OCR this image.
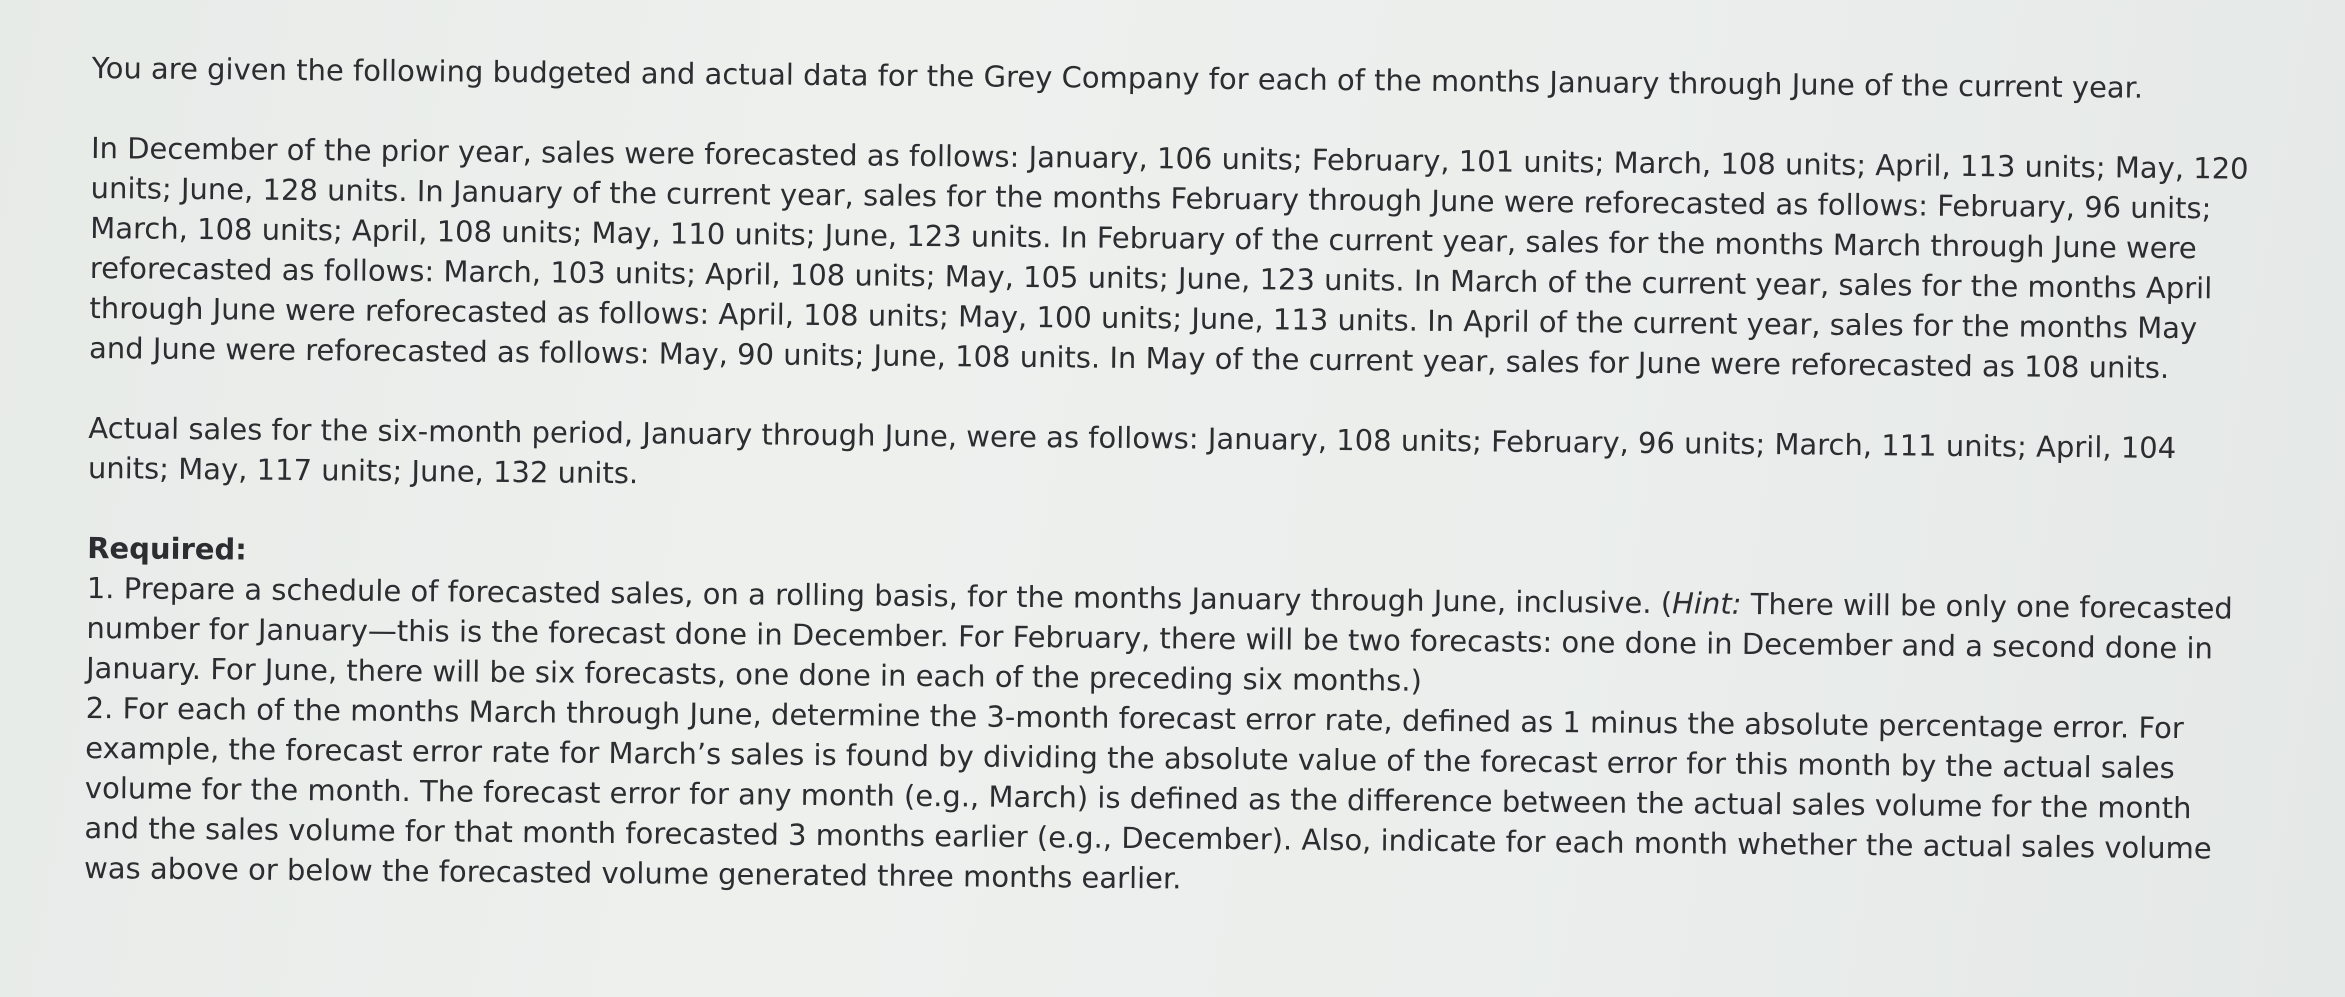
You are given the following budgeted and actual data for the Grey Company for each of the months January through June of the current year.

In December of the prior year, sales were forecasted as follows: January, 106 units; February, 101 units; March, 108 units; April, 113 units; May, 120 units; June, 128 units. In January of the current year, sales for the months February through June were reforecasted as follows: February, 96 units; March, 108 units; April, 108 units; May, 110 units; June, 123 units. In February of the current year, sales for the months March through June were reforecasted as follows: March, 103 units; April, 108 units; May, 105 units; June, 123 units. In March of the current year, sales for the months April through June were reforecasted as follows: April, 108 units; May, 100 units; June, 113 units. In April of the current year, sales for the months May and June were reforecasted as follows: May, 90 units; June, 108 units. In May of the current year, sales for June were reforecasted as 108 units.

Actual sales for the six-month period, January through June, were as follows: January, 108 units; February, 96 units; March, 111 units; April, 104 units; May, 117 units; June, 132 units.

Required:
1. Prepare a schedule of forecasted sales, on a rolling basis, for the months January through June, inclusive. (Hint: There will be only one forecasted number for January—this is the forecast done in December. For February, there will be two forecasts: one done in December and a second done in January. For June, there will be six forecasts, one done in each of the preceding six months.)
2. For each of the months March through June, determine the 3-month forecast error rate, defined as 1 minus the absolute percentage error. For example, the forecast error rate for March’s sales is found by dividing the absolute value of the forecast error for this month by the actual sales volume for the month. The forecast error for any month (e.g., March) is defined as the difference between the actual sales volume for the month and the sales volume for that month forecasted 3 months earlier (e.g., December). Also, indicate for each month whether the actual sales volume was above or below the forecasted volume generated three months earlier.
